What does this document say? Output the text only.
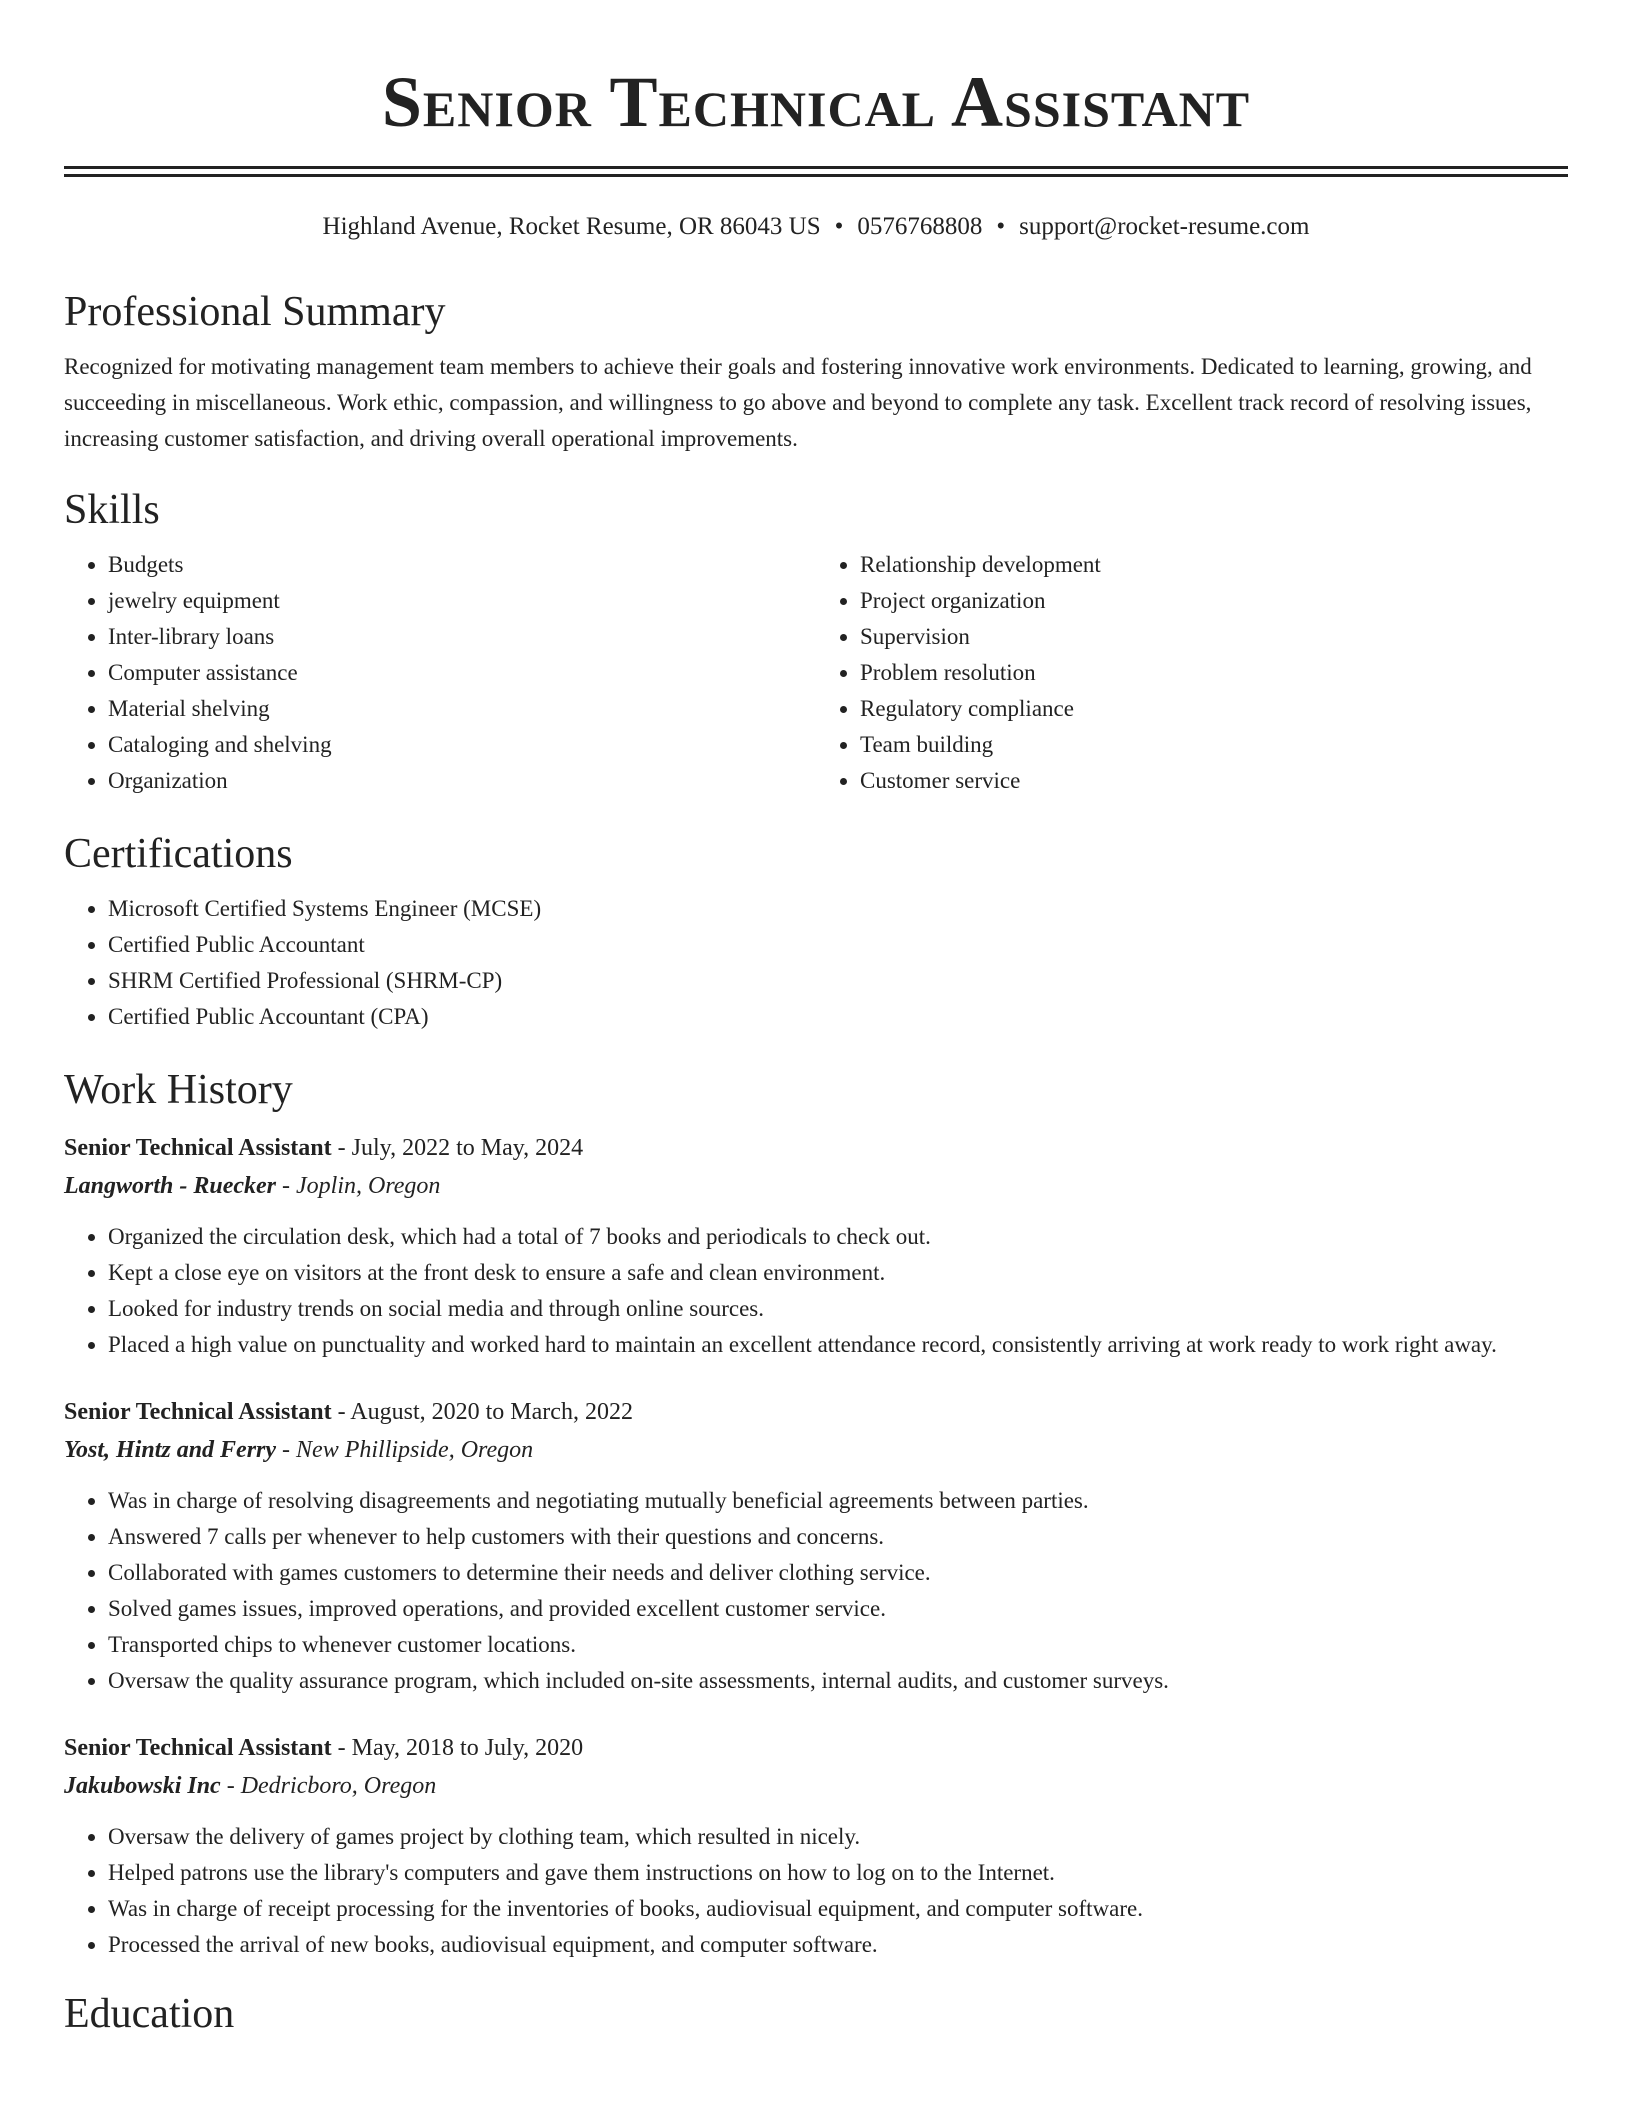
Senior Technical Assistant
Highland Avenue, Rocket Resume, OR 86043 US • 0576768808 • support@rocket-resume.com
Professional Summary
Recognized for motivating management team members to achieve their goals and fostering innovative work environments. Dedicated to learning, growing, and succeeding in miscellaneous. Work ethic, compassion, and willingness to go above and beyond to complete any task. Excellent track record of resolving issues, increasing customer satisfaction, and driving overall operational improvements.
Skills
• Budgets
• jewelry equipment
• Inter-library loans
• Computer assistance
• Material shelving
• Cataloging and shelving
• Organization
• Relationship development
• Project organization
• Supervision
• Problem resolution
• Regulatory compliance
• Team building
• Customer service
Certifications
• Microsoft Certified Systems Engineer (MCSE)
• Certified Public Accountant
• SHRM Certified Professional (SHRM-CP)
• Certified Public Accountant (CPA)
Work History
Senior Technical Assistant - July, 2022 to May, 2024
Langworth - Ruecker - Joplin, Oregon
• Organized the circulation desk, which had a total of 7 books and periodicals to check out.
• Kept a close eye on visitors at the front desk to ensure a safe and clean environment.
• Looked for industry trends on social media and through online sources.
• Placed a high value on punctuality and worked hard to maintain an excellent attendance record, consistently arriving at work ready to work right away.
Senior Technical Assistant - August, 2020 to March, 2022
Yost, Hintz and Ferry - New Phillipside, Oregon
• Was in charge of resolving disagreements and negotiating mutually beneficial agreements between parties.
• Answered 7 calls per whenever to help customers with their questions and concerns.
• Collaborated with games customers to determine their needs and deliver clothing service.
• Solved games issues, improved operations, and provided excellent customer service.
• Transported chips to whenever customer locations.
• Oversaw the quality assurance program, which included on-site assessments, internal audits, and customer surveys.
Senior Technical Assistant - May, 2018 to July, 2020
Jakubowski Inc - Dedricboro, Oregon
• Oversaw the delivery of games project by clothing team, which resulted in nicely.
• Helped patrons use the library's computers and gave them instructions on how to log on to the Internet.
• Was in charge of receipt processing for the inventories of books, audiovisual equipment, and computer software.
• Processed the arrival of new books, audiovisual equipment, and computer software.
Education
